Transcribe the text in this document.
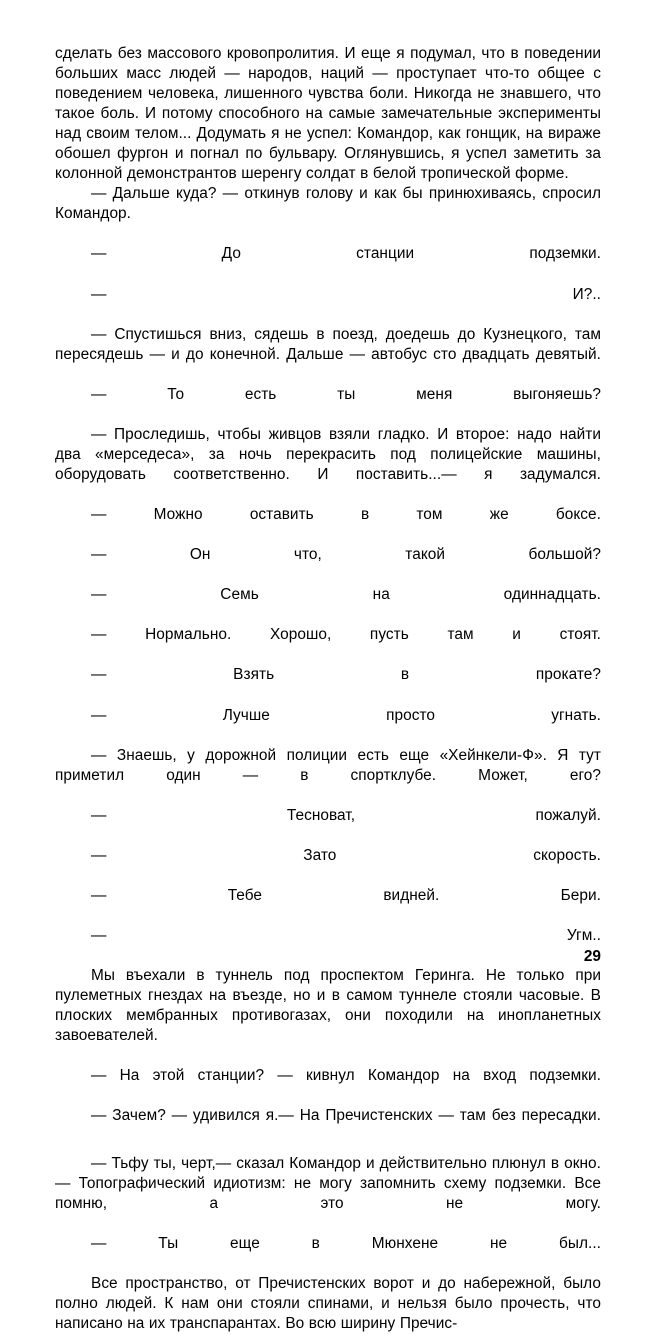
сделать без массового кровопролития. И еще я подумал, что в поведении больших масс людей — народов, наций — проступает что-то общее с поведением человека, лишенного чувства боли. Никогда не знавшего, что такое боль. И потому способного на самые замечательные эксперименты над своим телом... Додумать я не успел: Командор, как гонщик, на вираже обошел фургон и погнал по бульвару. Оглянувшись, я успел заметить за колонной демонстрантов шеренгу солдат в белой тропической форме.

— Дальше куда? — откинув голову и как бы принюхиваясь, спросил Командор.

— До станции подземки.

— И?..

— Спустишься вниз, сядешь в поезд, доедешь до Кузнецкого, там пересядешь — и до конечной. Дальше — автобус сто двадцать девятый.

— То есть ты меня выгоняешь?

— Проследишь, чтобы живцов взяли гладко. И второе: надо найти два «мерседеса», за ночь перекрасить под полицейские машины, оборудовать соответственно. И поставить...— я задумался.

— Можно оставить в том же боксе.

— Он что, такой большой?

— Семь на одиннадцать.

— Нормально. Хорошо, пусть там и стоят.

— Взять в прокате?

— Лучше просто угнать.

— Знаешь, у дорожной полиции есть еще «Хейнкели-Ф». Я тут приметил один — в спортклубе. Может, его?

— Тесноват, пожалуй.

— Зато скорость.

— Тебе видней. Бери.

— Угм..

Мы въехали в туннель под проспектом Геринга. Не только при пулеметных гнездах на въезде, но и в самом туннеле стояли часовые. В плоских мембранных противогазах, они походили на инопланетных завоевателей.

— На этой станции? — кивнул Командор на вход подземки.

— Зачем? — удивился я.— На Пречистенских — там без пересадки.

— Тьфу ты, черт,— сказал Командор и действительно плюнул в окно.— Топографический идиотизм: не могу запомнить схему подземки. Все помню, а это не могу.

— Ты еще в Мюнхене не был...

Все пространство, от Пречистенских ворот и до набережной, было полно людей. К нам они стояли спинами, и нельзя было прочесть, что написано на их транспарантах. Во всю ширину Пречис-

29
